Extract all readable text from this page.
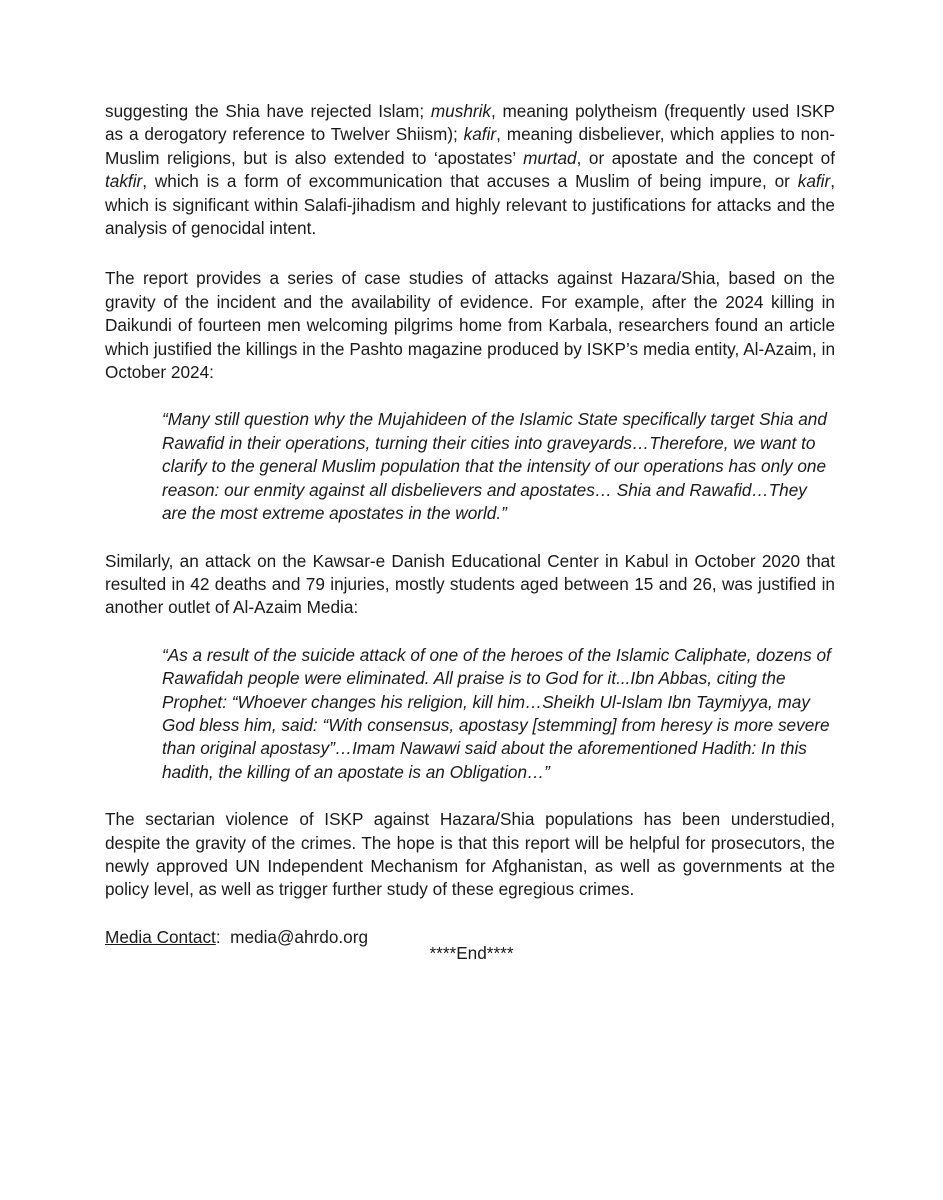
suggesting the Shia have rejected Islam; mushrik, meaning polytheism (frequently used ISKP as a derogatory reference to Twelver Shiism); kafir, meaning disbeliever, which applies to non-Muslim religions, but is also extended to ‘apostates’ murtad, or apostate and the concept of takfir, which is a form of excommunication that accuses a Muslim of being impure, or kafir, which is significant within Salafi-jihadism and highly relevant to justifications for attacks and the analysis of genocidal intent.

The report provides a series of case studies of attacks against Hazara/Shia, based on the gravity of the incident and the availability of evidence. For example, after the 2024 killing in Daikundi of fourteen men welcoming pilgrims home from Karbala, researchers found an article which justified the killings in the Pashto magazine produced by ISKP’s media entity, Al-Azaim, in October 2024:

“Many still question why the Mujahideen of the Islamic State specifically target Shia and Rawafid in their operations, turning their cities into graveyards…Therefore, we want to clarify to the general Muslim population that the intensity of our operations has only one reason: our enmity against all disbelievers and apostates… Shia and Rawafid…They are the most extreme apostates in the world.”

Similarly, an attack on the Kawsar-e Danish Educational Center in Kabul in October 2020 that resulted in 42 deaths and 79 injuries, mostly students aged between 15 and 26, was justified in another outlet of Al-Azaim Media:

“As a result of the suicide attack of one of the heroes of the Islamic Caliphate, dozens of Rawafidah people were eliminated. All praise is to God for it...Ibn Abbas, citing the Prophet: “Whoever changes his religion, kill him…Sheikh Ul-Islam Ibn Taymiyya, may God bless him, said: “With consensus, apostasy [stemming] from heresy is more severe than original apostasy”…Imam Nawawi said about the aforementioned Hadith: In this hadith, the killing of an apostate is an Obligation…”

The sectarian violence of ISKP against Hazara/Shia populations has been understudied, despite the gravity of the crimes. The hope is that this report will be helpful for prosecutors, the newly approved UN Independent Mechanism for Afghanistan, as well as governments at the policy level, as well as trigger further study of these egregious crimes.

Media Contact: media@ahrdo.org

****End****
